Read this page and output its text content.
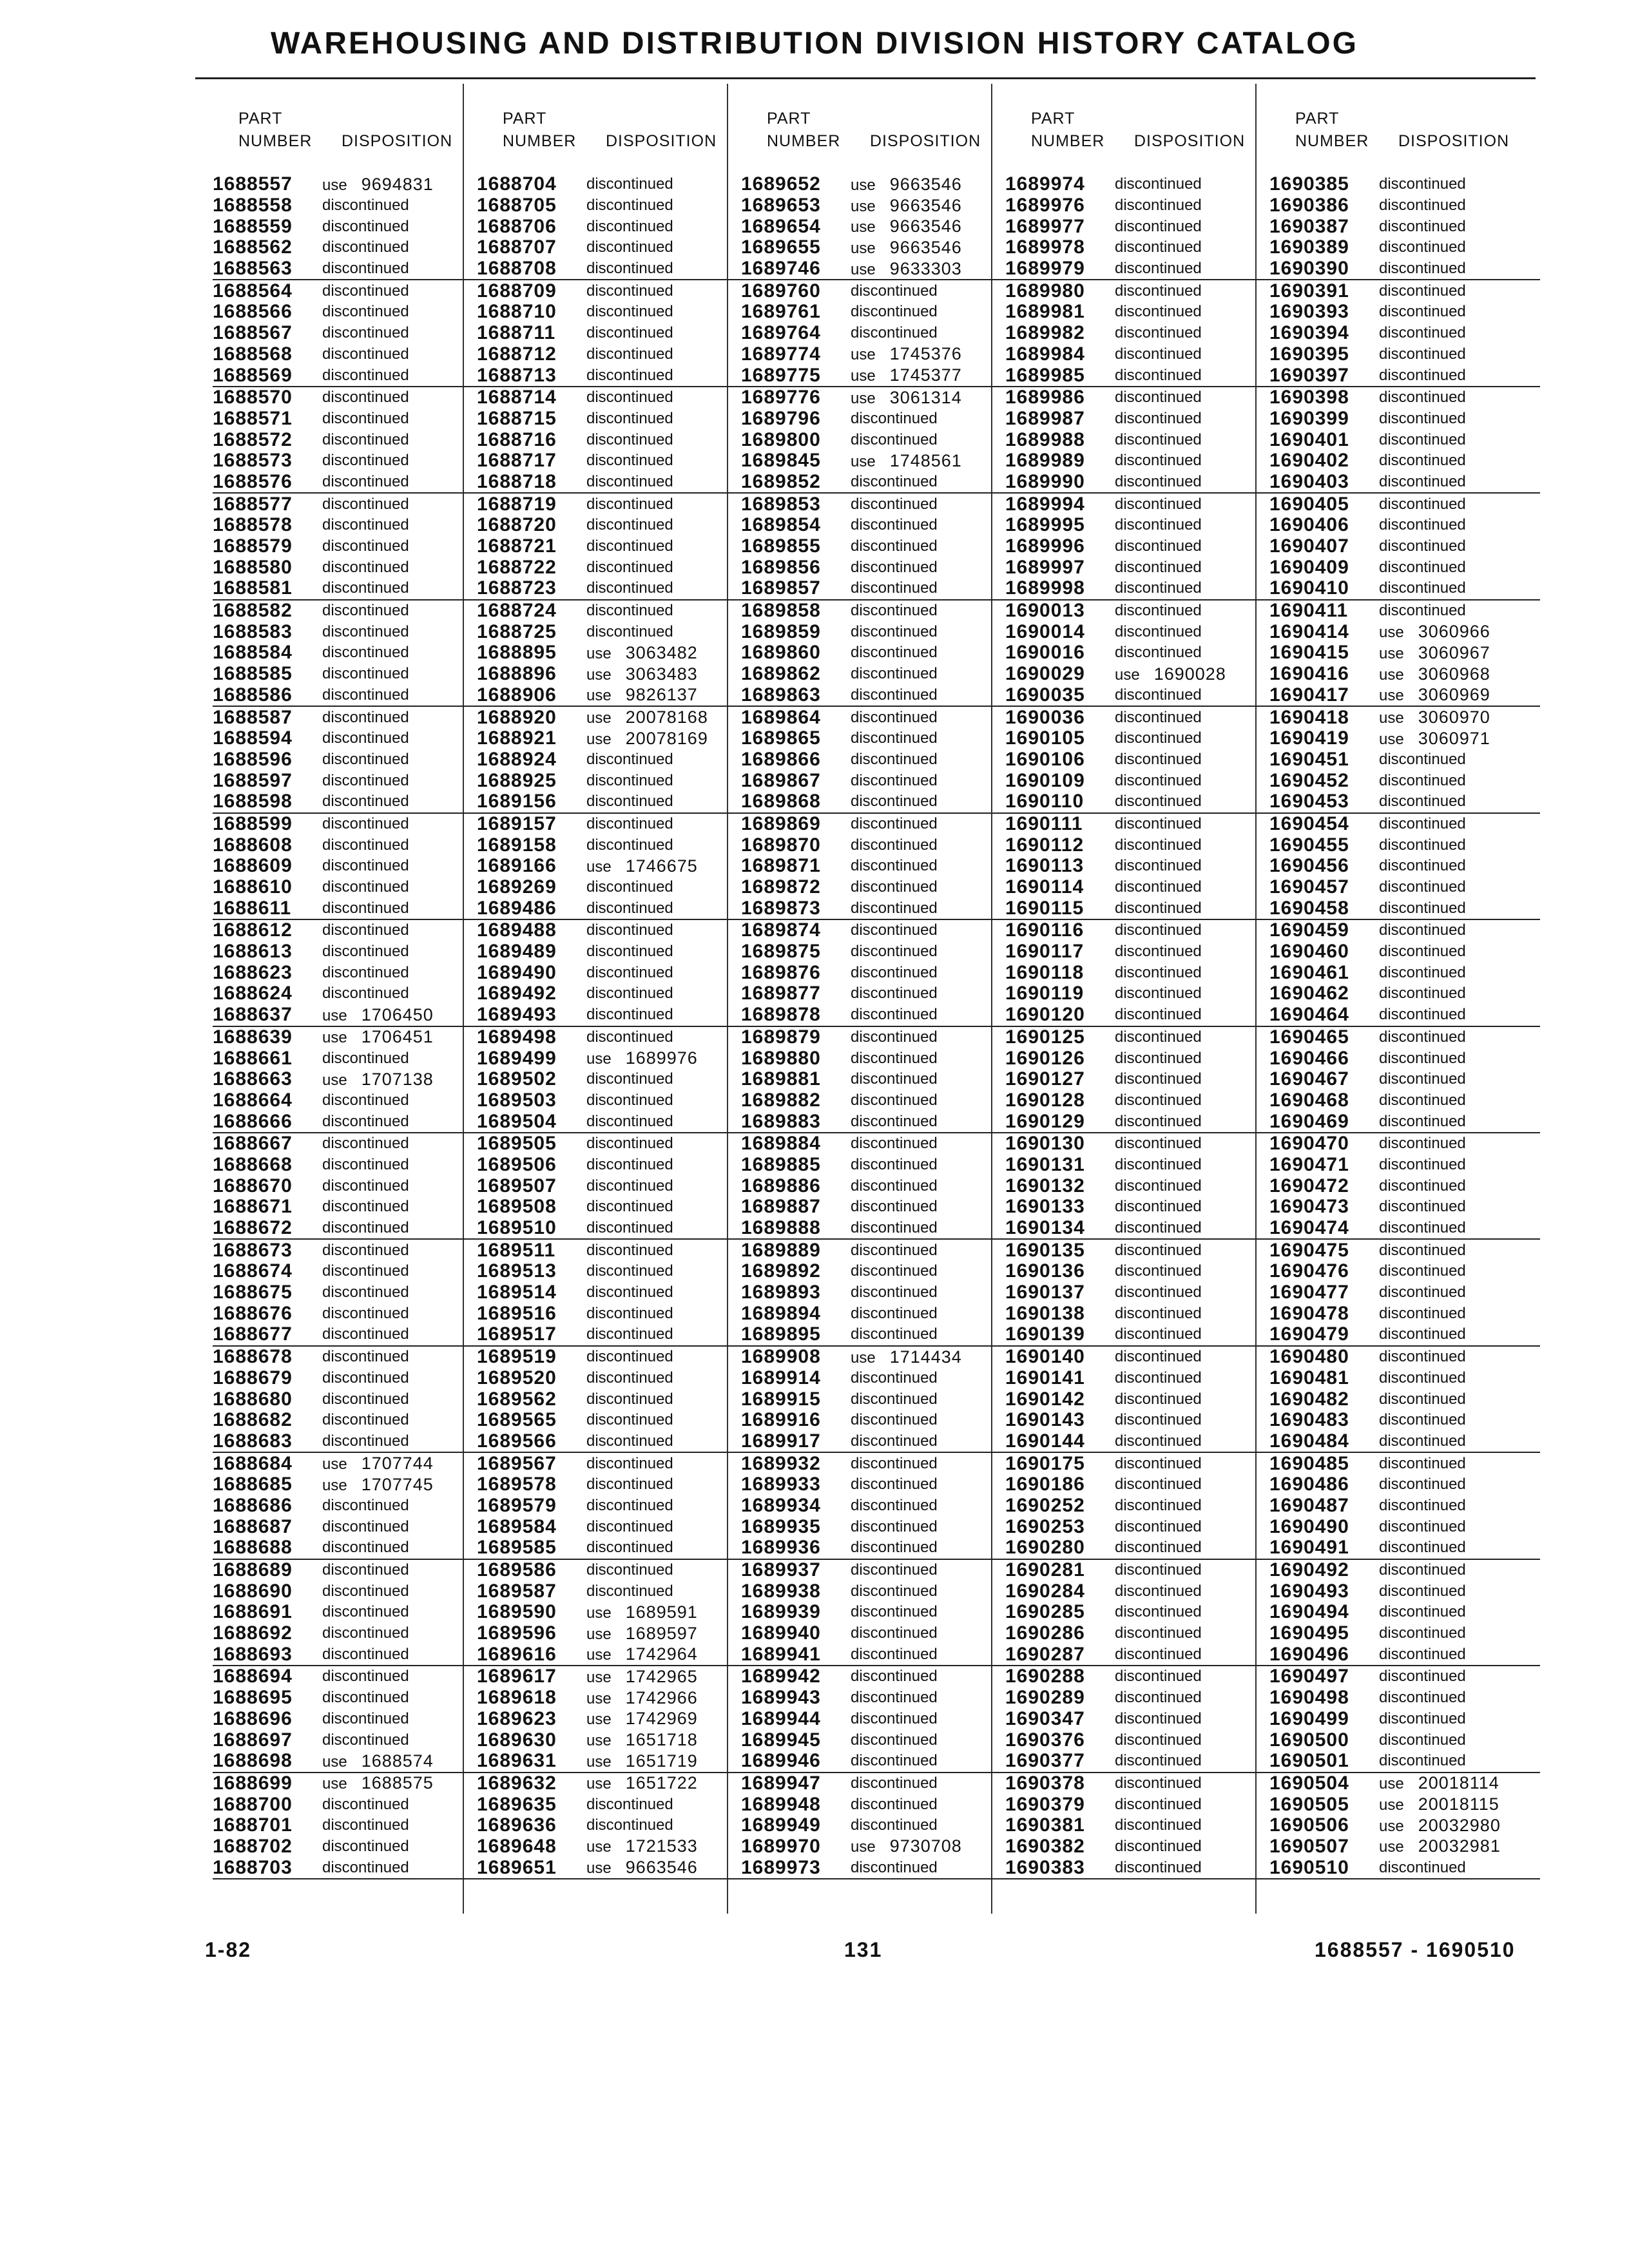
WAREHOUSING AND DISTRIBUTION DIVISION HISTORY CATALOG
PART
NUMBER DISPOSITION
1688557	use 9694831
1688558	discontinued
1688559	discontinued
1688562	discontinued
1688563	discontinued
1688564	discontinued
1688566	discontinued
1688567	discontinued
1688568	discontinued
1688569	discontinued
1688570	discontinued
1688571	discontinued
1688572	discontinued
1688573	discontinued
1688576	discontinued
1688577	discontinued
1688578	discontinued
1688579	discontinued
1688580	discontinued
1688581	discontinued
1688582	discontinued
1688583	discontinued
1688584	discontinued
1688585	discontinued
1688586	discontinued
1688587	discontinued
1688594	discontinued
1688596	discontinued
1688597	discontinued
1688598	discontinued
1688599	discontinued
1688608	discontinued
1688609	discontinued
1688610	discontinued
1688611	discontinued
1688612	discontinued
1688613	discontinued
1688623	discontinued
1688624	discontinued
1688637	use 1706450
1688639	use 1706451
1688661	discontinued
1688663	use 1707138
1688664	discontinued
1688666	discontinued
1688667	discontinued
1688668	discontinued
1688670	discontinued
1688671	discontinued
1688672	discontinued
1688673	discontinued
1688674	discontinued
1688675	discontinued
1688676	discontinued
1688677	discontinued
1688678	discontinued
1688679	discontinued
1688680	discontinued
1688682	discontinued
1688683	discontinued
1688684	use 1707744
1688685	use 1707745
1688686	discontinued
1688687	discontinued
1688688	discontinued
1688689	discontinued
1688690	discontinued
1688691	discontinued
1688692	discontinued
1688693	discontinued
1688694	discontinued
1688695	discontinued
1688696	discontinued
1688697	discontinued
1688698	use 1688574
1688699	use 1688575
1688700	discontinued
1688701	discontinued
1688702	discontinued
1688703	discontinued
PART
NUMBER DISPOSITION
1688704	discontinued
1688705	discontinued
1688706	discontinued
1688707	discontinued
1688708	discontinued
1688709	discontinued
1688710	discontinued
1688711	discontinued
1688712	discontinued
1688713	discontinued
1688714	discontinued
1688715	discontinued
1688716	discontinued
1688717	discontinued
1688718	discontinued
1688719	discontinued
1688720	discontinued
1688721	discontinued
1688722	discontinued
1688723	discontinued
1688724	discontinued
1688725	discontinued
1688895	use 3063482
1688896	use 3063483
1688906	use 9826137
1688920	use 20078168
1688921	use 20078169
1688924	discontinued
1688925	discontinued
1689156	discontinued
1689157	discontinued
1689158	discontinued
1689166	use 1746675
1689269	discontinued
1689486	discontinued
1689488	discontinued
1689489	discontinued
1689490	discontinued
1689492	discontinued
1689493	discontinued
1689498	discontinued
1689499	use 1689976
1689502	discontinued
1689503	discontinued
1689504	discontinued
1689505	discontinued
1689506	discontinued
1689507	discontinued
1689508	discontinued
1689510	discontinued
1689511	discontinued
1689513	discontinued
1689514	discontinued
1689516	discontinued
1689517	discontinued
1689519	discontinued
1689520	discontinued
1689562	discontinued
1689565	discontinued
1689566	discontinued
1689567	discontinued
1689578	discontinued
1689579	discontinued
1689584	discontinued
1689585	discontinued
1689586	discontinued
1689587	discontinued
1689590	use 1689591
1689596	use 1689597
1689616	use 1742964
1689617	use 1742965
1689618	use 1742966
1689623	use 1742969
1689630	use 1651718
1689631	use 1651719
1689632	use 1651722
1689635	discontinued
1689636	discontinued
1689648	use 1721533
1689651	use 9663546
PART
NUMBER DISPOSITION
1689652	use 9663546
1689653	use 9663546
1689654	use 9663546
1689655	use 9663546
1689746	use 9633303
1689760	discontinued
1689761	discontinued
1689764	discontinued
1689774	use 1745376
1689775	use 1745377
1689776	use 3061314
1689796	discontinued
1689800	discontinued
1689845	use 1748561
1689852	discontinued
1689853	discontinued
1689854	discontinued
1689855	discontinued
1689856	discontinued
1689857	discontinued
1689858	discontinued
1689859	discontinued
1689860	discontinued
1689862	discontinued
1689863	discontinued
1689864	discontinued
1689865	discontinued
1689866	discontinued
1689867	discontinued
1689868	discontinued
1689869	discontinued
1689870	discontinued
1689871	discontinued
1689872	discontinued
1689873	discontinued
1689874	discontinued
1689875	discontinued
1689876	discontinued
1689877	discontinued
1689878	discontinued
1689879	discontinued
1689880	discontinued
1689881	discontinued
1689882	discontinued
1689883	discontinued
1689884	discontinued
1689885	discontinued
1689886	discontinued
1689887	discontinued
1689888	discontinued
1689889	discontinued
1689892	discontinued
1689893	discontinued
1689894	discontinued
1689895	discontinued
1689908	use 1714434
1689914	discontinued
1689915	discontinued
1689916	discontinued
1689917	discontinued
1689932	discontinued
1689933	discontinued
1689934	discontinued
1689935	discontinued
1689936	discontinued
1689937	discontinued
1689938	discontinued
1689939	discontinued
1689940	discontinued
1689941	discontinued
1689942	discontinued
1689943	discontinued
1689944	discontinued
1689945	discontinued
1689946	discontinued
1689947	discontinued
1689948	discontinued
1689949	discontinued
1689970	use 9730708
1689973	discontinued
PART
NUMBER DISPOSITION
1689974	discontinued
1689976	discontinued
1689977	discontinued
1689978	discontinued
1689979	discontinued
1689980	discontinued
1689981	discontinued
1689982	discontinued
1689984	discontinued
1689985	discontinued
1689986	discontinued
1689987	discontinued
1689988	discontinued
1689989	discontinued
1689990	discontinued
1689994	discontinued
1689995	discontinued
1689996	discontinued
1689997	discontinued
1689998	discontinued
1690013	discontinued
1690014	discontinued
1690016	discontinued
1690029	use 1690028
1690035	discontinued
1690036	discontinued
1690105	discontinued
1690106	discontinued
1690109	discontinued
1690110	discontinued
1690111	discontinued
1690112	discontinued
1690113	discontinued
1690114	discontinued
1690115	discontinued
1690116	discontinued
1690117	discontinued
1690118	discontinued
1690119	discontinued
1690120	discontinued
1690125	discontinued
1690126	discontinued
1690127	discontinued
1690128	discontinued
1690129	discontinued
1690130	discontinued
1690131	discontinued
1690132	discontinued
1690133	discontinued
1690134	discontinued
1690135	discontinued
1690136	discontinued
1690137	discontinued
1690138	discontinued
1690139	discontinued
1690140	discontinued
1690141	discontinued
1690142	discontinued
1690143	discontinued
1690144	discontinued
1690175	discontinued
1690186	discontinued
1690252	discontinued
1690253	discontinued
1690280	discontinued
1690281	discontinued
1690284	discontinued
1690285	discontinued
1690286	discontinued
1690287	discontinued
1690288	discontinued
1690289	discontinued
1690347	discontinued
1690376	discontinued
1690377	discontinued
1690378	discontinued
1690379	discontinued
1690381	discontinued
1690382	discontinued
1690383	discontinued
PART
NUMBER DISPOSITION
1690385	discontinued
1690386	discontinued
1690387	discontinued
1690389	discontinued
1690390	discontinued
1690391	discontinued
1690393	discontinued
1690394	discontinued
1690395	discontinued
1690397	discontinued
1690398	discontinued
1690399	discontinued
1690401	discontinued
1690402	discontinued
1690403	discontinued
1690405	discontinued
1690406	discontinued
1690407	discontinued
1690409	discontinued
1690410	discontinued
1690411	discontinued
1690414	use 3060966
1690415	use 3060967
1690416	use 3060968
1690417	use 3060969
1690418	use 3060970
1690419	use 3060971
1690451	discontinued
1690452	discontinued
1690453	discontinued
1690454	discontinued
1690455	discontinued
1690456	discontinued
1690457	discontinued
1690458	discontinued
1690459	discontinued
1690460	discontinued
1690461	discontinued
1690462	discontinued
1690464	discontinued
1690465	discontinued
1690466	discontinued
1690467	discontinued
1690468	discontinued
1690469	discontinued
1690470	discontinued
1690471	discontinued
1690472	discontinued
1690473	discontinued
1690474	discontinued
1690475	discontinued
1690476	discontinued
1690477	discontinued
1690478	discontinued
1690479	discontinued
1690480	discontinued
1690481	discontinued
1690482	discontinued
1690483	discontinued
1690484	discontinued
1690485	discontinued
1690486	discontinued
1690487	discontinued
1690490	discontinued
1690491	discontinued
1690492	discontinued
1690493	discontinued
1690494	discontinued
1690495	discontinued
1690496	discontinued
1690497	discontinued
1690498	discontinued
1690499	discontinued
1690500	discontinued
1690501	discontinued
1690504	use 20018114
1690505	use 20018115
1690506	use 20032980
1690507	use 20032981
1690510	discontinued
1-82	131	1688557 - 1690510
